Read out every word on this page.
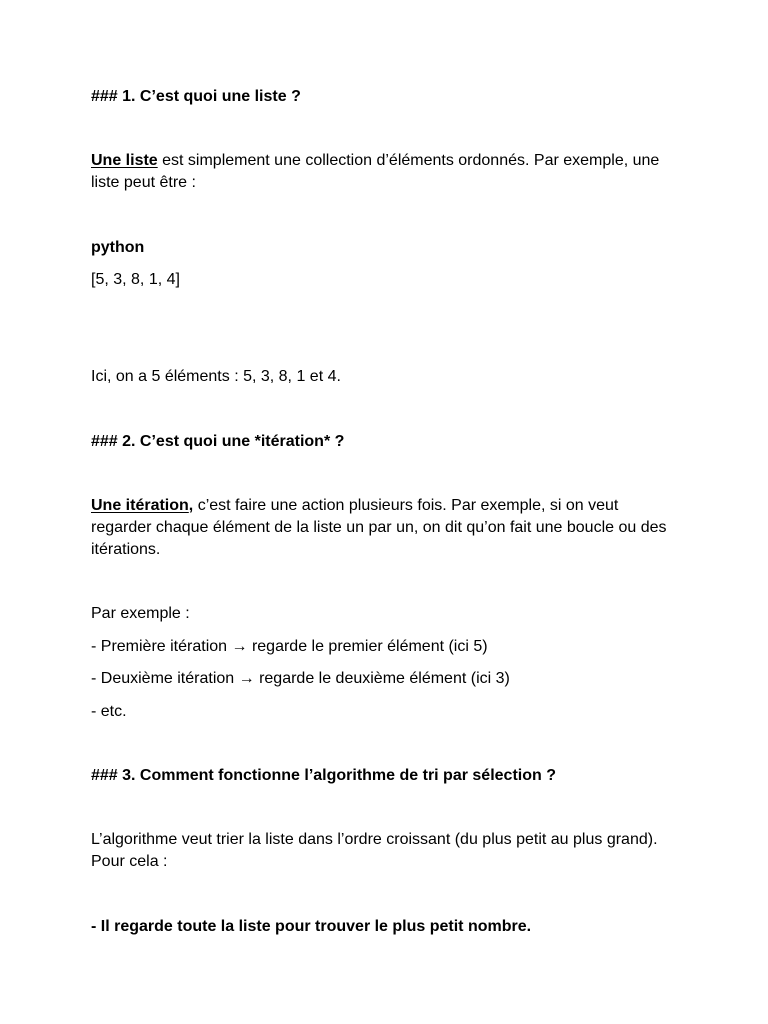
### 1. C’est quoi une liste ?

Une liste est simplement une collection d’éléments ordonnés. Par exemple, une liste peut être :

python

[5, 3, 8, 1, 4]

Ici, on a 5 éléments : 5, 3, 8, 1 et 4.

### 2. C’est quoi une *itération* ?

Une itération, c’est faire une action plusieurs fois. Par exemple, si on veut regarder chaque élément de la liste un par un, on dit qu’on fait une boucle ou des itérations.

Par exemple :

- Première itération → regarde le premier élément (ici 5)

- Deuxième itération → regarde le deuxième élément (ici 3)

- etc.

### 3. Comment fonctionne l’algorithme de tri par sélection ?

L’algorithme veut trier la liste dans l’ordre croissant (du plus petit au plus grand). Pour cela :

- Il regarde toute la liste pour trouver le plus petit nombre.
